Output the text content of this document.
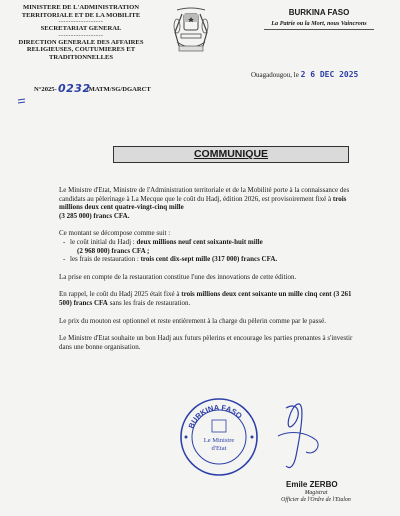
MINISTERE DE L'ADMINISTRATION

TERRITORIALE ET DE LA MOBILITE

------------------

SECRETARIAT GENERAL

------------------

DIRECTION GENERALE DES AFFAIRES

RELIGIEUSES, COUTUMIERES ET

TRADITIONNELLES

N°2025-	/MATM/SG/DGARCT
0232

BURKINA FASO

La Patrie ou la Mort, nous Vaincrons

Ouagadougou, le 2 6 DEC 2025
COMMUNIQUE

Le Ministre d'Etat, Ministre de l'Administration territoriale et de la Mobilité porte à la connaissance des candidats au pèlerinage à La Mecque que le coût du Hadj, édition 2026, est provisoirement fixé à trois millions deux cent quatre-vingt-cinq mille
(3 285 000) francs CFA.

Ce montant se décompose comme suit :

- le coût initial du Hadj : deux millions neuf cent soixante-huit mille

(2 968 000) francs CFA ;

- les frais de restauration : trois cent dix-sept mille (317 000) francs CFA.

La prise en compte de la restauration constitue l'une des innovations de cette édition.

En rappel, le coût du Hadj 2025 était fixé à trois millions deux cent soixante un mille cinq cent (3 261 500) francs CFA sans les frais de restauration.

Le prix du mouton est optionnel et reste entièrement à la charge du pèlerin comme par le passé.

Le Ministre d'Etat souhaite un bon Hadj aux futurs pèlerins et encourage les parties prenantes à s'investir dans une bonne organisation.

BURKINA FASO
Le Ministre
d'Etat
Emile ZERBO
Magistrat
Officier de l'Ordre de l'Etalon
